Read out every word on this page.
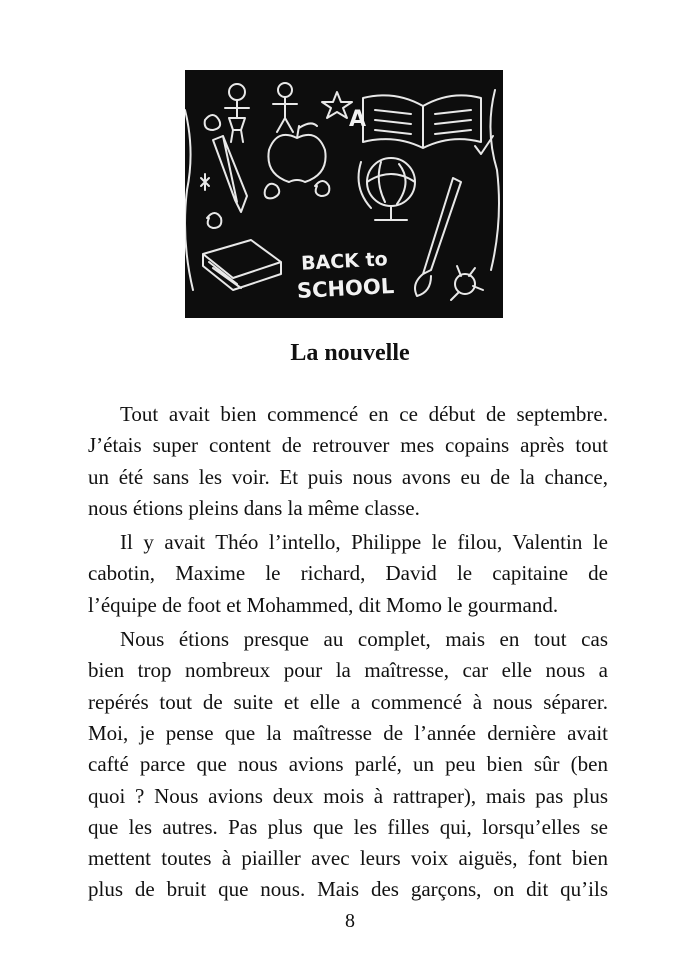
A
BACK to
SCHOOL
La nouvelle

Tout avait bien commencé en ce début de septembre.
J’étais super content de retrouver mes copains après tout
un été sans les voir. Et puis nous avons eu de la chance,
nous étions pleins dans la même classe.

Il y avait Théo l’intello, Philippe le filou, Valentin le
cabotin, Maxime le richard, David le capitaine de
l’équipe de foot et Mohammed, dit Momo le gourmand.

Nous étions presque au complet, mais en tout cas
bien trop nombreux pour la maîtresse, car elle nous a
repérés tout de suite et elle a commencé à nous séparer.
Moi, je pense que la maîtresse de l’année dernière avait
cafté parce que nous avions parlé, un peu bien sûr (ben
quoi ? Nous avions deux mois à rattraper), mais pas plus
que les autres. Pas plus que les filles qui, lorsqu’elles se
mettent toutes à piailler avec leurs voix aiguës, font bien
plus de bruit que nous. Mais des garçons, on dit qu’ils

8
